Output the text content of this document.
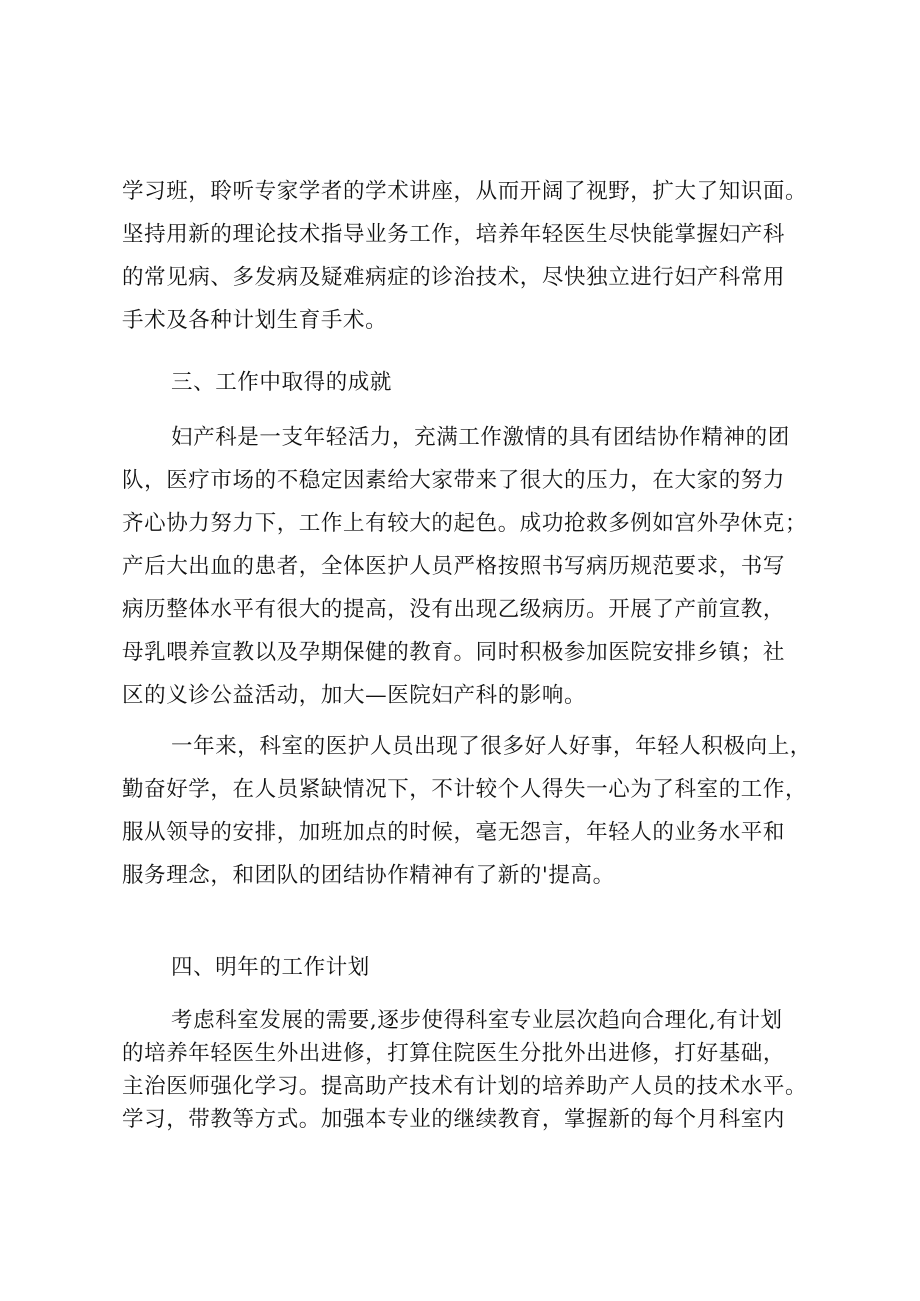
学习班，聆听专家学者的学术讲座，从而开阔了视野，扩大了知识面。
坚持用新的理论技术指导业务工作，培养年轻医生尽快能掌握妇产科
的常见病、多发病及疑难病症的诊治技术，尽快独立进行妇产科常用
手术及各种计划生育手术。
三、工作中取得的成就
妇产科是一支年轻活力，充满工作激情的具有团结协作精神的团
队，医疗市场的不稳定因素给大家带来了很大的压力，在大家的努力
齐心协力努力下，工作上有较大的起色。成功抢救多例如宫外孕休克；
产后大出血的患者，全体医护人员严格按照书写病历规范要求，书写
病历整体水平有很大的提高，没有出现乙级病历。开展了产前宣教，
母乳喂养宣教以及孕期保健的教育。同时积极参加医院安排乡镇；社
区的义诊公益活动，加大—医院妇产科的影响。
一年来，科室的医护人员出现了很多好人好事，年轻人积极向上，
勤奋好学，在人员紧缺情况下，不计较个人得失一心为了科室的工作，
服从领导的安排，加班加点的时候，毫无怨言，年轻人的业务水平和
服务理念，和团队的团结协作精神有了新的'提高。
四、明年的工作计划
考虑科室发展的需要,逐步使得科室专业层次趋向合理化,有计划
的培养年轻医生外出进修，打算住院医生分批外出进修，打好基础，
主治医师强化学习。提高助产技术有计划的培养助产人员的技术水平。
学习，带教等方式。加强本专业的继续教育，掌握新的每个月科室内
